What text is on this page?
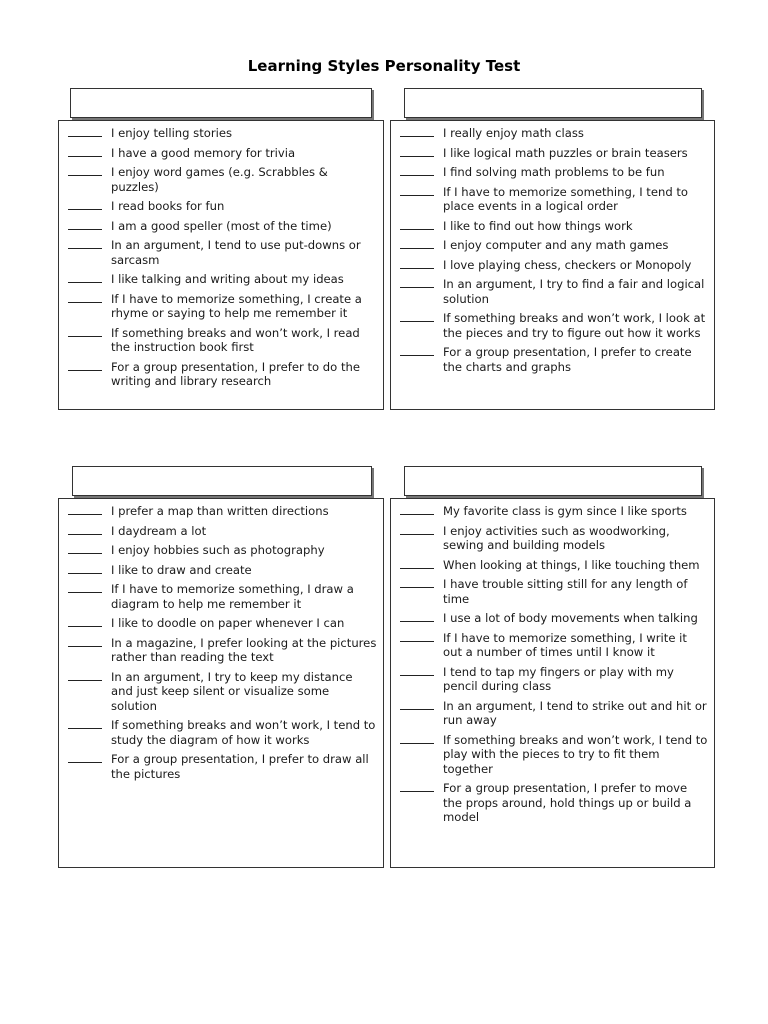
Learning Styles Personality Test
I enjoy telling stories
I have a good memory for trivia
I enjoy word games (e.g. Scrabbles & puzzles)
I read books for fun
I am a good speller (most of the time)
In an argument, I tend to use put-downs or sarcasm
I like talking and writing about my ideas
If I have to memorize something, I create a rhyme or saying to help me remember it
If something breaks and won’t work, I read the instruction book first
For a group presentation, I prefer to do the writing and library research
I really enjoy math class
I like logical math puzzles or brain teasers
I find solving math problems to be fun
If I have to memorize something, I tend to place events in a logical order
I like to find out how things work
I enjoy computer and any math games
I love playing chess, checkers or Monopoly
In an argument, I try to find a fair and logical solution
If something breaks and won’t work, I look at the pieces and try to figure out how it works
For a group presentation, I prefer to create the charts and graphs
I prefer a map than written directions
I daydream a lot
I enjoy hobbies such as photography
I like to draw and create
If I have to memorize something, I draw a diagram to help me remember it
I like to doodle on paper whenever I can
In a magazine, I prefer looking at the pictures rather than reading the text
In an argument, I try to keep my distance and just keep silent or visualize some solution
If something breaks and won’t work, I tend to study the diagram of how it works
For a group presentation, I prefer to draw all the pictures
My favorite class is gym since I like sports
I enjoy activities such as woodworking, sewing and building models
When looking at things, I like touching them
I have trouble sitting still for any length of time
I use a lot of body movements when talking
If I have to memorize something, I write it out a number of times until I know it
I tend to tap my fingers or play with my pencil during class
In an argument, I tend to strike out and hit or run away
If something breaks and won’t work, I tend to play with the pieces to try to fit them together
For a group presentation, I prefer to move the props around, hold things up or build a model
